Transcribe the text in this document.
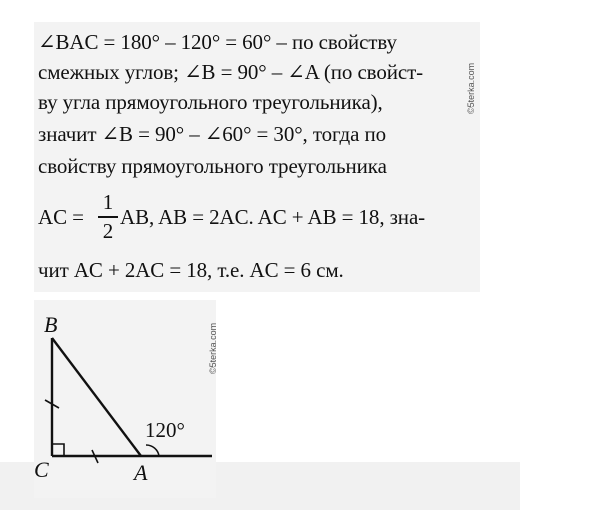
∠BAC = 180° – 120° = 60° – по свойству
смежных углов; ∠B = 90° – ∠A (по свойст-
ву угла прямоугольного треугольника),
значит ∠B = 90° – ∠60° = 30°, тогда по
свойству прямоугольного треугольника
AC =
1
2
AB, AB = 2AC. AC + AB = 18, зна-
чит AC + 2AC = 18, т.е. AC = 6 см.
©5terka.com
B
C	A
120°
©5terka.com
